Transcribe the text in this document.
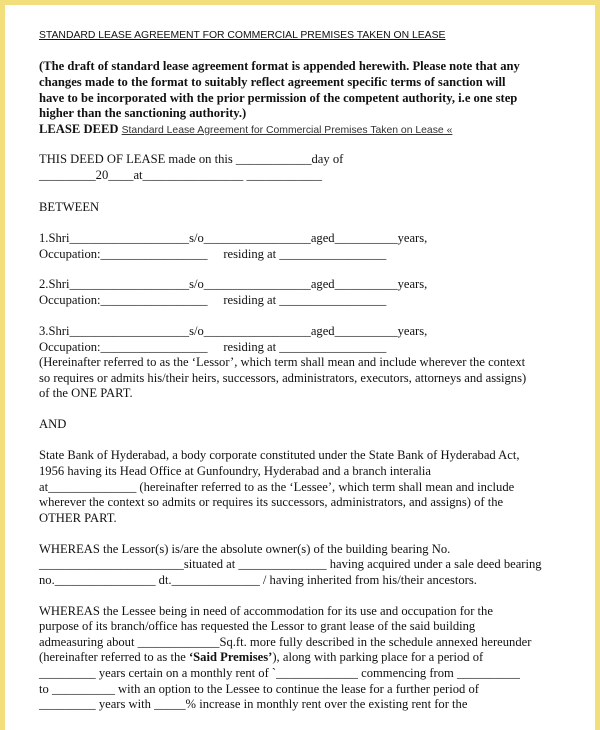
STANDARD LEASE AGREEMENT FOR COMMERCIAL PREMISES TAKEN ON LEASE
(The draft of standard lease agreement format is appended herewith. Please note that any
changes made to the format to suitably reflect agreement specific terms of sanction will
have to be incorporated with the prior permission of the competent authority, i.e one step
higher than the sanctioning authority.)
LEASE DEED Standard Lease Agreement for Commercial Premises Taken on Lease «
THIS DEED OF LEASE made on this ____________day of
_________20____at________________ ____________
BETWEEN
1.Shri___________________s/o_________________aged__________years,
Occupation:_________________     residing at _________________
2.Shri___________________s/o_________________aged__________years,
Occupation:_________________     residing at _________________
3.Shri___________________s/o_________________aged__________years,
Occupation:_________________     residing at _________________
(Hereinafter referred to as the ‘Lessor’, which term shall mean and include wherever the context
so requires or admits his/their heirs, successors, administrators, executors, attorneys and assigns)
of the ONE PART.
AND
State Bank of Hyderabad, a body corporate constituted under the State Bank of Hyderabad Act,
1956 having its Head Office at Gunfoundry, Hyderabad and a branch interalia
at______________ (hereinafter referred to as the ‘Lessee’, which term shall mean and include
wherever the context so admits or requires its successors, administrators, and assigns) of the
OTHER PART.
WHEREAS the Lessor(s) is/are the absolute owner(s) of the building bearing No.
_______________________situated at ______________ having acquired under a sale deed bearing
no.________________ dt.______________ / having inherited from his/their ancestors.
WHEREAS the Lessee being in need of accommodation for its use and occupation for the
purpose of its branch/office has requested the Lessor to grant lease of the said building
admeasuring about _____________Sq.ft. more fully described in the schedule annexed hereunder
(hereinafter referred to as the ‘Said Premises’), along with parking place for a period of
_________ years certain on a monthly rent of `_____________ commencing from __________
to __________ with an option to the Lessee to continue the lease for a further period of
_________ years with _____% increase in monthly rent over the existing rent for the
